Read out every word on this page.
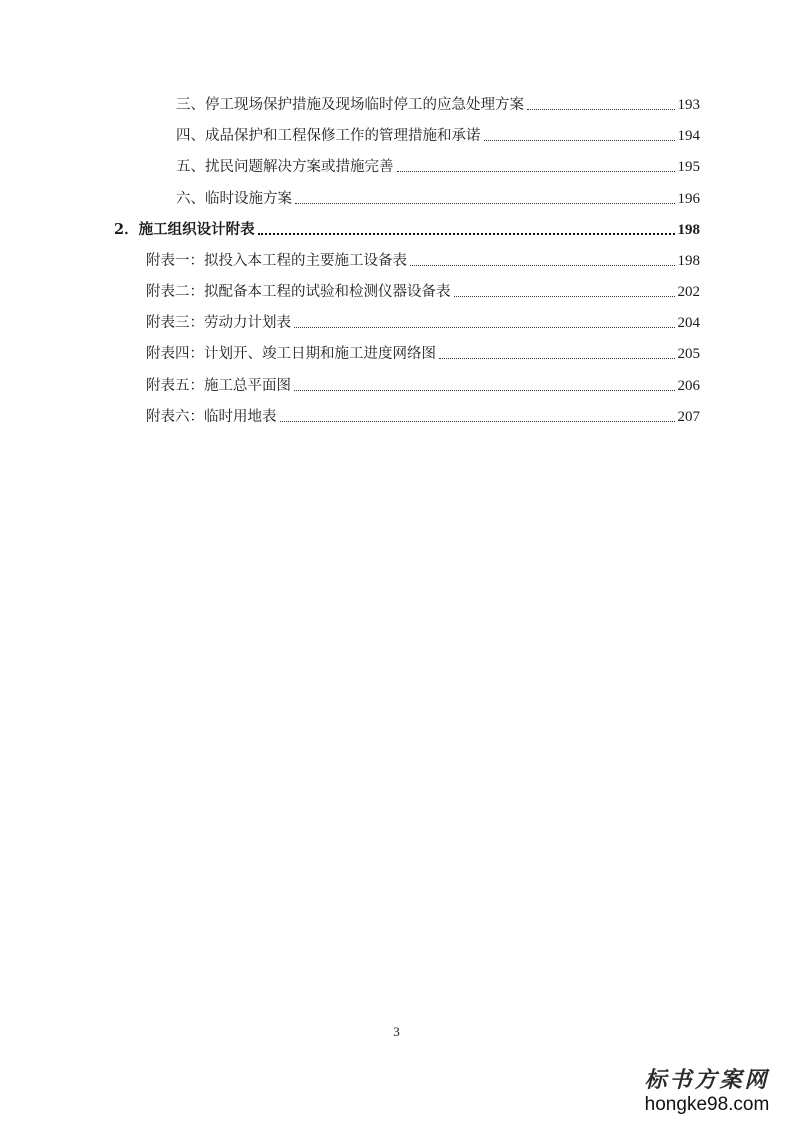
三、停工现场保护措施及现场临时停工的应急处理方案	193
四、成品保护和工程保修工作的管理措施和承诺	194
五、扰民问题解决方案或措施完善	195
六、临时设施方案	196
2．施工组织设计附表	198
附表一：拟投入本工程的主要施工设备表	198
附表二：拟配备本工程的试验和检测仪器设备表	202
附表三：劳动力计划表	204
附表四：计划开、竣工日期和施工进度网络图	205
附表五：施工总平面图	206
附表六：临时用地表	207
3
标书方案网
hongke98.com
